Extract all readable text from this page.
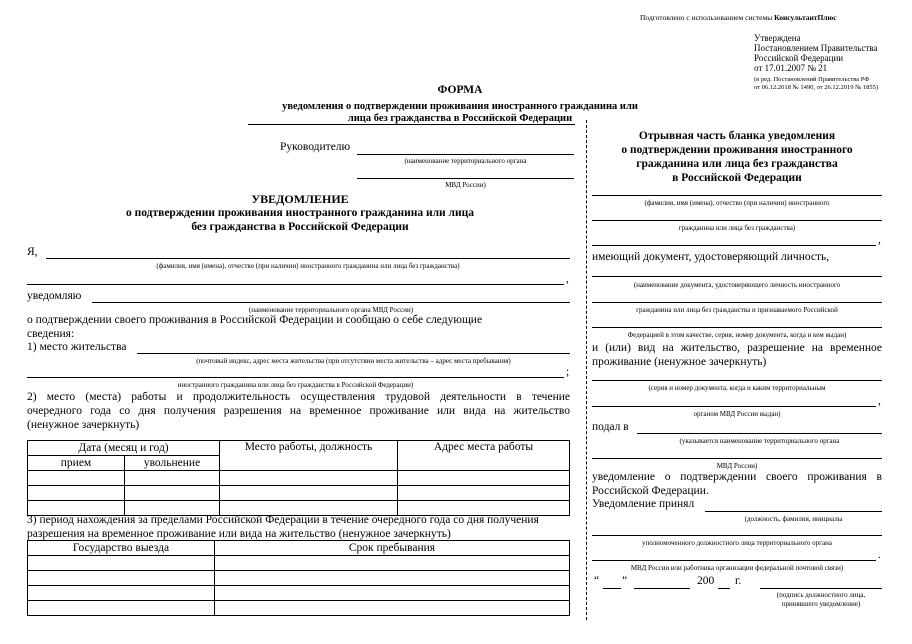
Подготовлено с использованием системы КонсультантПлюс
Утверждена
Постановлением Правительства
Российской Федерации
от 17.01.2007 № 21
(в ред. Постановлений Правительства РФ
от 06.12.2018 № 1490, от 26.12.2019 № 1855)
ФОРМА
уведомления о подтверждении проживания иностранного гражданина или
лица без гражданства в Российской Федерации
Руководителю
(наименование территориального органа
МВД России)
УВЕДОМЛЕНИЕ
о подтверждении проживания иностранного гражданина или лица
без гражданства в Российской Федерации
Я,
(фамилия, имя (имена), отчество (при наличии) иностранного гражданина или лица без гражданства)
,
уведомляю
(наименование территориального органа МВД России)
о подтверждении своего проживания в Российской Федерации и сообщаю о себе следующие
сведения:
1) место жительства
(почтовый индекс, адрес места жительства (при отсутствии места жительства – адрес места пребывания)
;
иностранного гражданина или лица без гражданства в Российской Федерации)
2) место (места) работы и продолжительность осуществления трудовой деятельности в течение
очередного года со дня получения разрешения на временное проживание или вида на жительство
(ненужное зачеркнуть)
Дата (месяц и год)		Место работы, должность	Адрес места работы
прием	увольнение		

3) период нахождения за пределами Российской Федерации в течение очередного года со дня получения
разрешения на временное проживание или вида на жительство (ненужное зачеркнуть)
Государство выезда	Срок пребывания

Отрывная часть бланка уведомления
о подтверждении проживания иностранного
гражданина или лица без гражданства
в Российской Федерации
(фамилия, имя (имена), отчество (при наличии) иностранного
гражданина или лица без гражданства)
,
имеющий документ, удостоверяющий личность,
(наименование документа, удостоверяющего личность иностранного
гражданина или лица без гражданства и признаваемого Российской
Федерацией в этом качестве, серия, номер документа, когда и кем выдан)
и (или) вид на жительство, разрешение на временное
проживание (ненужное зачеркнуть)
(серия и номер документа, когда и каким территориальным
,
органом МВД России выдан)
подал в
(указывается наименование территориального органа
МВД России)
уведомление о подтверждении своего проживания в
Российской Федерации.
Уведомление принял
(должность, фамилия, инициалы
уполномоченного должностного лица территориального органа
.
МВД России или работника организации федеральной почтовой связи)
“ ”	200 г.
(подпись должностного лица,
принявшего уведомление)
